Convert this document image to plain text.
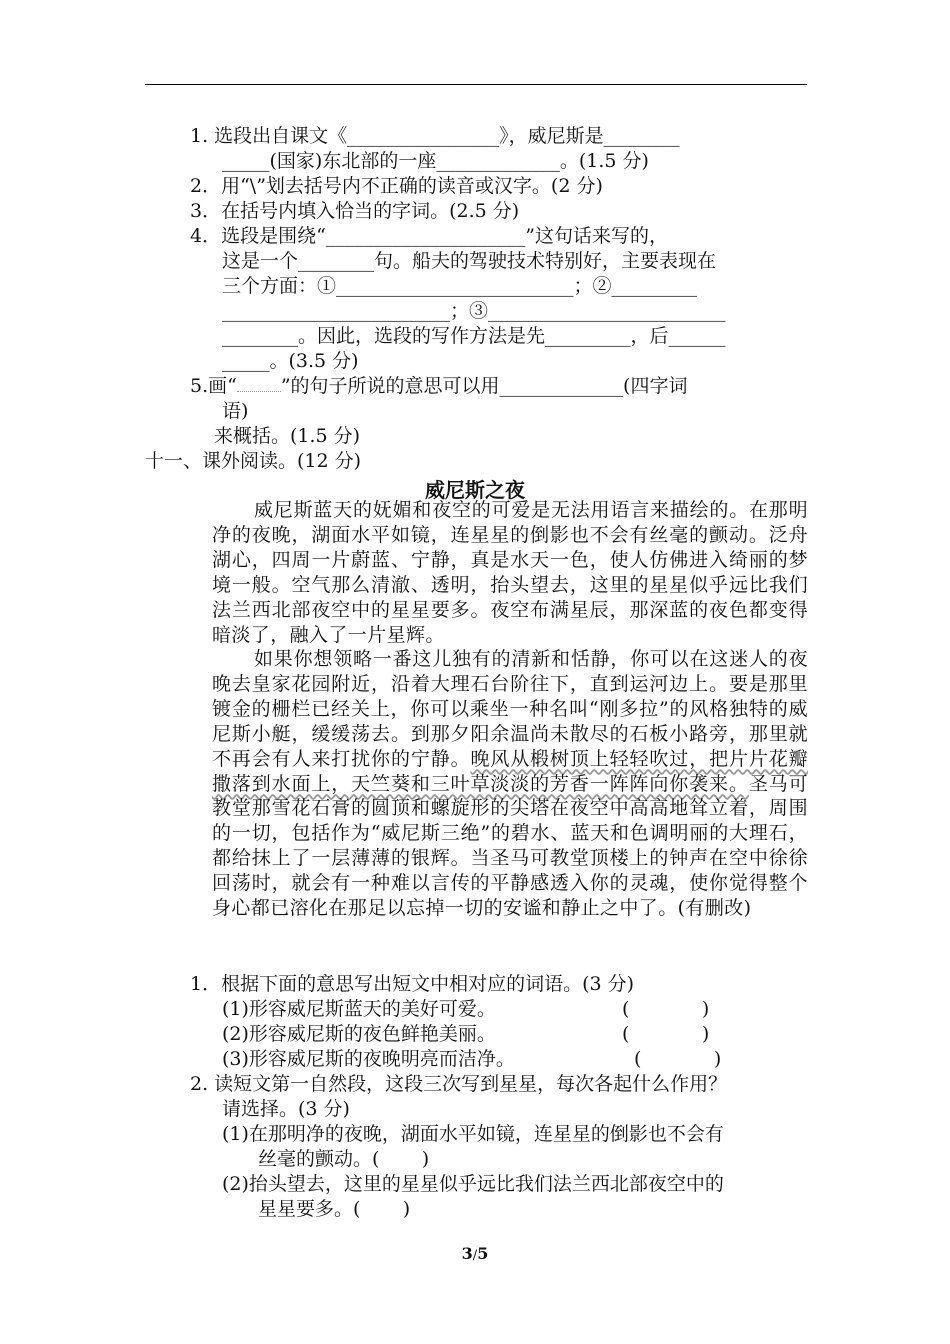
1. 选段出自课文《________________》，威尼斯是________
_____(国家)东北部的一座_____________。(1.5 分)
2．用“\”划去括号内不正确的读音或汉字。(2 分)
3．在括号内填入恰当的字词。(2.5 分)
4．选段是围绕“_____________________”这句话来写的，
这是一个________句。船夫的驾驶技术特别好，主要表现在
三个方面：①_________________________；②_________
________________________；③_________________________
________。因此，选段的写作方法是先_________，后______
_____。(3.5 分)
5.画“ ”的句子所说的意思可以用_____________(四字词
语)
来概括。(1.5 分)
十一、课外阅读。(12 分)
威尼斯之夜
威尼斯蓝天的妩媚和夜空的可爱是无法用语言来描绘的。在那明净的夜晚，湖面水平如镜，连星星的倒影也不会有丝毫的颤动。泛舟湖心，四周一片蔚蓝、宁静，真是水天一色，使人仿佛进入绮丽的梦境一般。空气那么清澈、透明，抬头望去，这里的星星似乎远比我们法兰西北部夜空中的星星要多。夜空布满星辰，那深蓝的夜色都变得暗淡了，融入了一片星辉。
如果你想领略一番这儿独有的清新和恬静，你可以在这迷人的夜晚去皇家花园附近，沿着大理石台阶往下，直到运河边上。要是那里镀金的栅栏已经关上，你可以乘坐一种名叫“刚多拉”的风格独特的威尼斯小艇，缓缓荡去。到那夕阳余温尚未散尽的石板小路旁，那里就不再会有人来打扰你的宁静。晚风从椴树顶上轻轻吹过，把片片花瓣撒落到水面上，天竺葵和三叶草淡淡的芳香一阵阵向你袭来。圣马可教堂那雪花石膏的圆顶和螺旋形的尖塔在夜空中高高地耸立着，周围的一切，包括作为“威尼斯三绝”的碧水、蓝天和色调明丽的大理石，都给抹上了一层薄薄的银辉。当圣马可教堂顶楼上的钟声在空中徐徐回荡时，就会有一种难以言传的平静感透入你的灵魂，使你觉得整个身心都已溶化在那足以忘掉一切的安谧和静止之中了。(有删改)
1．根据下面的意思写出短文中相对应的词语。(3 分)
(1)形容威尼斯蓝天的美好可爱。	(            )
(2)形容威尼斯的夜色鲜艳美丽。	(            )
(3)形容威尼斯的夜晚明亮而洁净。	(            )
2. 读短文第一自然段，这段三次写到星星，每次各起什么作用？
请选择。(3 分)
(1)在那明净的夜晚，湖面水平如镜，连星星的倒影也不会有
丝毫的颤动。(       )
(2)抬头望去，这里的星星似乎远比我们法兰西北部夜空中的
星星要多。(       )
3/5
